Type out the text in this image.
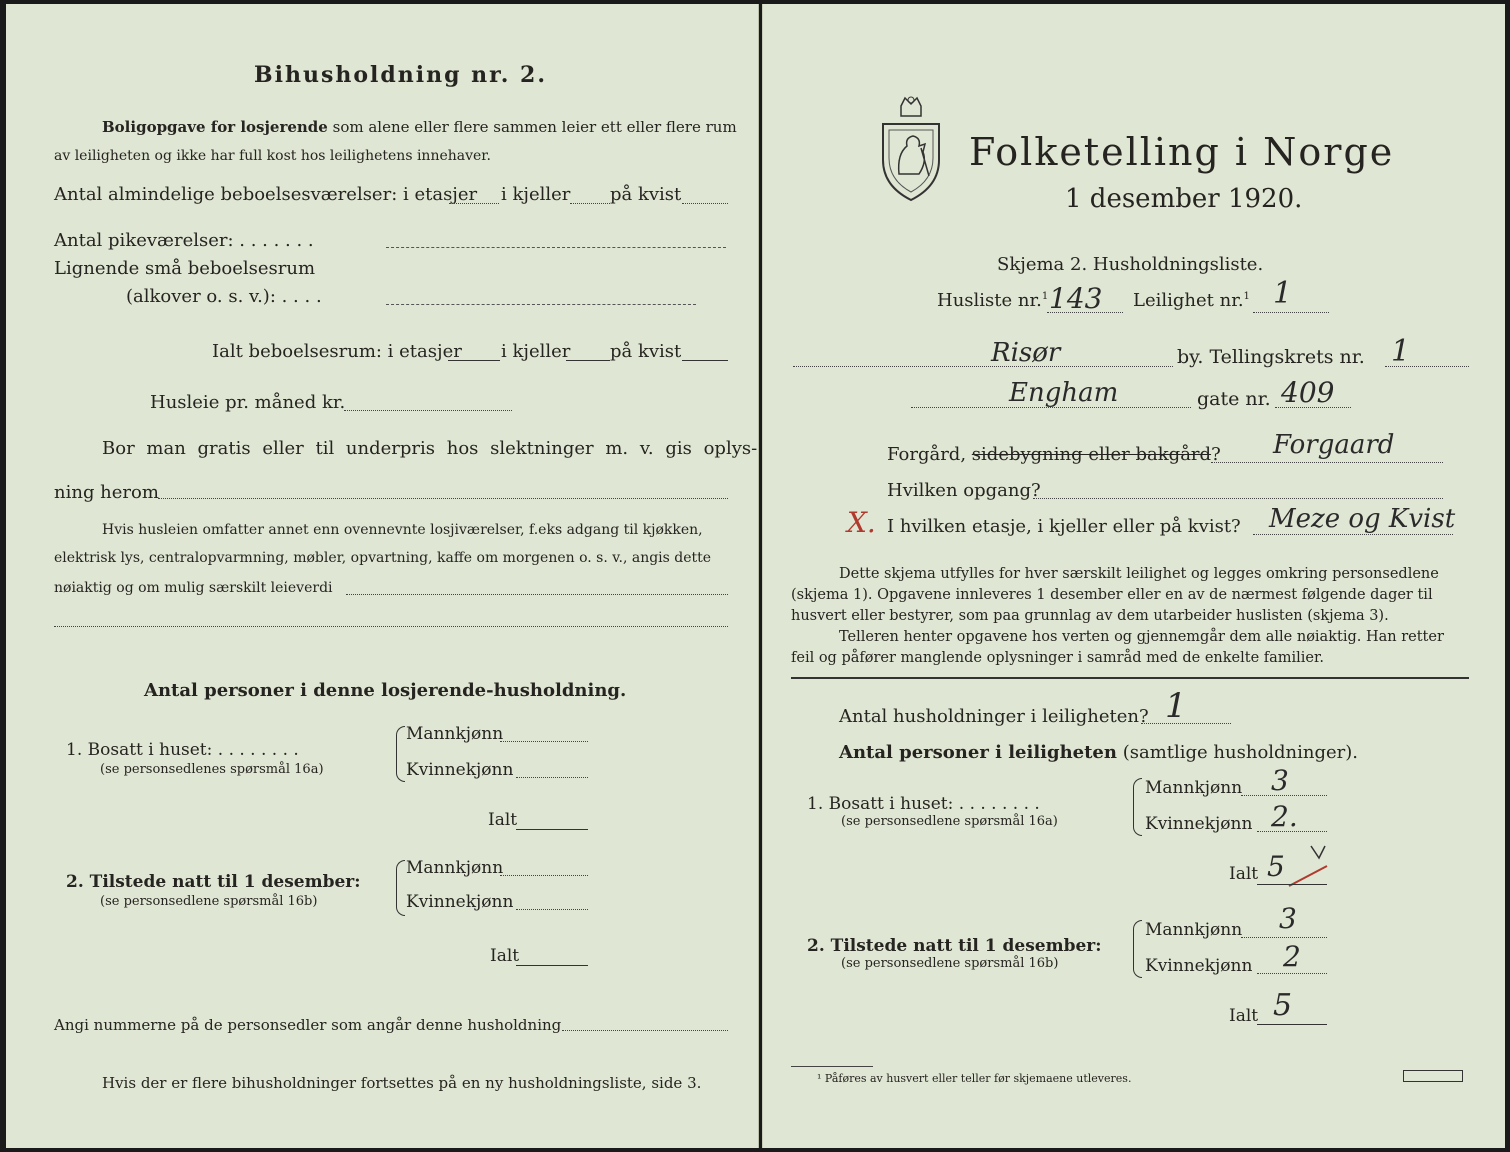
Bihusholdning nr. 2.
Boligopgave for losjerende som alene eller flere sammen leier ett eller flere rum
av leiligheten og ikke har full kost hos leilighetens innehaver.
Antal almindelige beboelsesværelser: i etasjer i kjeller på kvist
Antal pikeværelser: . . . . . . .
Lignende små beboelsesrum
(alkover o. s. v.): . . . .
Ialt beboelsesrum: i etasjer i kjeller på kvist
Husleie pr. måned kr.
Bor man gratis eller til underpris hos slektninger m. v. gis oplys-
ning herom
Hvis husleien omfatter annet enn ovennevnte losjiværelser, f.eks adgang til kjøkken,
elektrisk lys, centralopvarmning, møbler, opvartning, kaffe om morgenen o. s. v., angis dette
nøiaktig og om mulig særskilt leieverdi
Antal personer i denne losjerende-husholdning.
1. Bosatt i huset: . . . . . . . .
(se personsedlenes spørsmål 16a)
Mannkjønn
Kvinnekjønn
Ialt
2. Tilstede natt til 1 desember:
(se personsedlene spørsmål 16b)
Mannkjønn
Kvinnekjønn
Ialt
Angi nummerne på de personsedler som angår denne husholdning
Hvis der er flere bihusholdninger fortsettes på en ny husholdningsliste, side 3.
Folketelling i Norge
1 desember 1920.
Skjema 2. Husholdningsliste.
Husliste nr.$^1$ 143 Leilighet nr.$^1$ 1
Risør	by. Tellingskrets nr. 1
Engham	gate nr. 409
Forgård, sidebygning eller bakgård? Forgaard
Hvilken opgang?
X. I hvilken etasje, i kjeller eller på kvist? Meze og Kvist
Dette skjema utfylles for hver særskilt leilighet og legges omkring personsedlene
(skjema 1). Opgavene innleveres 1 desember eller en av de nærmest følgende dager til
husvert eller bestyrer, som paa grunnlag av dem utarbeider huslisten (skjema 3).
Telleren henter opgavene hos verten og gjennemgår dem alle nøiaktig. Han retter
feil og påfører manglende oplysninger i samråd med de enkelte familier.
Antal husholdninger i leiligheten? 1
Antal personer i leiligheten (samtlige husholdninger).
1. Bosatt i huset: . . . . . . . .
(se personsedlene spørsmål 16a)
Mannkjønn 3
Kvinnekjønn 2.
Ialt 5
2. Tilstede natt til 1 desember:
(se personsedlene spørsmål 16b)
Mannkjønn 3
Kvinnekjønn 2
Ialt 5
¹ Påføres av husvert eller teller før skjemaene utleveres.
